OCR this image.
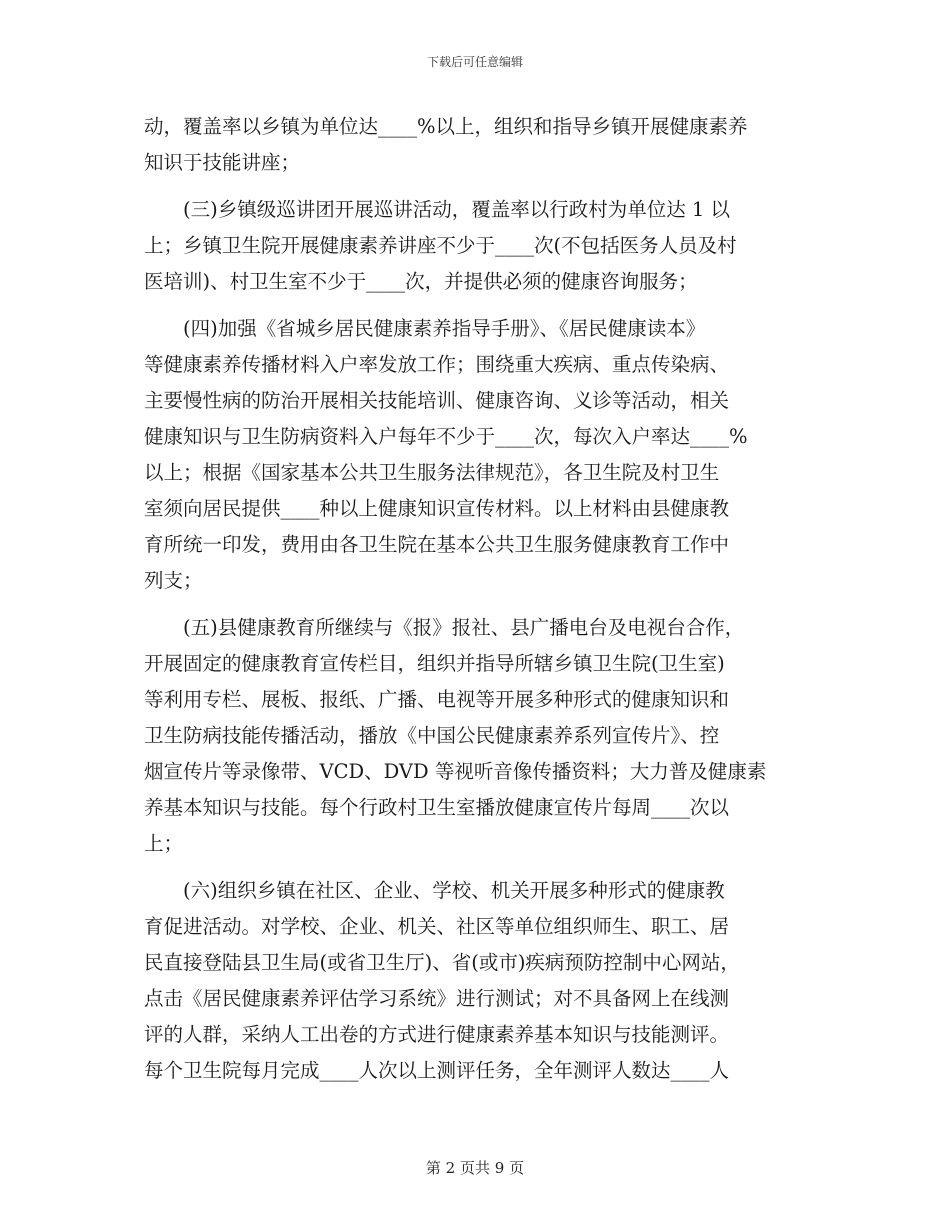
下载后可任意编辑
动，覆盖率以乡镇为单位达____%以上，组织和指导乡镇开展健康素养
知识于技能讲座；
　　(三)乡镇级巡讲团开展巡讲活动，覆盖率以行政村为单位达 1 以
上；乡镇卫生院开展健康素养讲座不少于____次(不包括医务人员及村
医培训)、村卫生室不少于____次，并提供必须的健康咨询服务；
　　(四)加强《省城乡居民健康素养指导手册》、《居民健康读本》
等健康素养传播材料入户率发放工作；围绕重大疾病、重点传染病、
主要慢性病的防治开展相关技能培训、健康咨询、义诊等活动，相关
健康知识与卫生防病资料入户每年不少于____次，每次入户率达____%
以上；根据《国家基本公共卫生服务法律规范》，各卫生院及村卫生
室须向居民提供____种以上健康知识宣传材料。以上材料由县健康教
育所统一印发，费用由各卫生院在基本公共卫生服务健康教育工作中
列支；
　　(五)县健康教育所继续与《报》报社、县广播电台及电视台合作，
开展固定的健康教育宣传栏目，组织并指导所辖乡镇卫生院(卫生室)
等利用专栏、展板、报纸、广播、电视等开展多种形式的健康知识和
卫生防病技能传播活动，播放《中国公民健康素养系列宣传片》、控
烟宣传片等录像带、VCD、DVD 等视听音像传播资料；大力普及健康素
养基本知识与技能。每个行政村卫生室播放健康宣传片每周____次以
上；
　　(六)组织乡镇在社区、企业、学校、机关开展多种形式的健康教
育促进活动。对学校、企业、机关、社区等单位组织师生、职工、居
民直接登陆县卫生局(或省卫生厅)、省(或市)疾病预防控制中心网站，
点击《居民健康素养评估学习系统》进行测试；对不具备网上在线测
评的人群，采纳人工出卷的方式进行健康素养基本知识与技能测评。
每个卫生院每月完成____人次以上测评任务，全年测评人数达____人
第 2 页共 9 页
